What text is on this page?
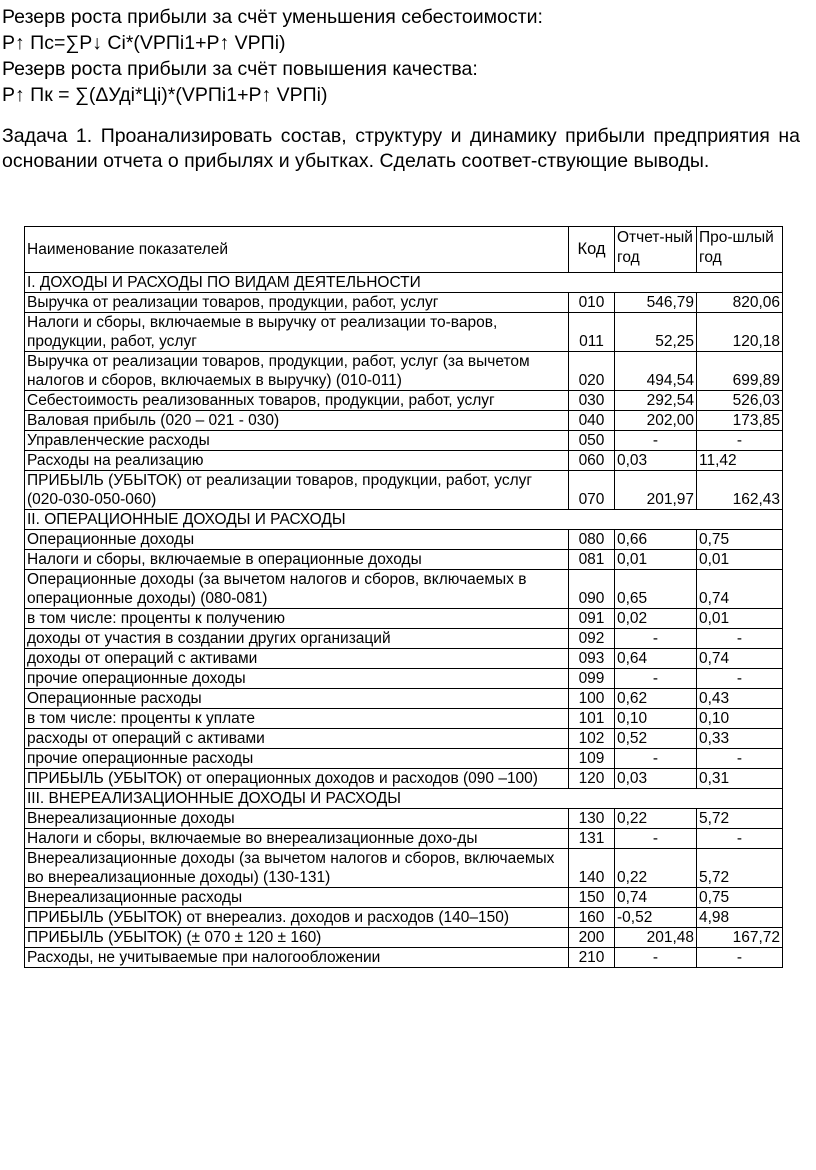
Резерв роста прибыли за счёт уменьшения себестоимости:
Р↑ Пс=∑Р↓ Сi*(VРПi1+Р↑ VРПi)
Резерв роста прибыли за счёт повышения качества:
Р↑ Пк = ∑(ΔУдi*Цi)*(VРПi1+Р↑ VРПi)
Задача 1. Проанализировать состав, структуру и динамику прибыли предприятия на основании отчета о прибылях и убытках. Сделать соответ-ствующие выводы.
Наименование показателей	Код	Отчет-ный год	Про-шлый год
I. ДОХОДЫ И РАСХОДЫ ПО ВИДАМ ДЕЯТЕЛЬНОСТИ			
Выручка от реализации товаров, продукции, работ, услуг	010	546,79	820,06
Налоги и сборы, включаемые в выручку от реализации то-варов, продукции, работ, услуг	011	52,25	120,18
Выручка от реализации товаров, продукции, работ, услуг (за вычетом налогов и сборов, включаемых в выручку) (010-011)	020	494,54	699,89
Себестоимость реализованных товаров, продукции, работ, услуг	030	292,54	526,03
Валовая прибыль (020 – 021 - 030)	040	202,00	173,85
Управленческие расходы	050	-	-
Расходы на реализацию	060	0,03	11,42
ПРИБЫЛЬ (УБЫТОК) от реализации товаров, продукции, работ, услуг (020-030-050-060)	070	201,97	162,43
II. ОПЕРАЦИОННЫЕ ДОХОДЫ И РАСХОДЫ			
Операционные доходы	080	0,66	0,75
Налоги и сборы, включаемые в операционные доходы	081	0,01	0,01
Операционные доходы (за вычетом налогов и сборов, включаемых в операционные доходы) (080-081)	090	0,65	0,74
в том числе: проценты к получению	091	0,02	0,01
доходы от участия в создании других организаций	092	-	-
доходы от операций с активами	093	0,64	0,74
прочие операционные доходы	099	-	-
Операционные расходы	100	0,62	0,43
в том числе: проценты к уплате	101	0,10	0,10
расходы от операций с активами	102	0,52	0,33
прочие операционные расходы	109	-	-
ПРИБЫЛЬ (УБЫТОК) от операционных доходов и расходов (090 –100)	120	0,03	0,31
III. ВНЕРЕАЛИЗАЦИОННЫЕ ДОХОДЫ И РАСХОДЫ			
Внереализационные доходы	130	0,22	5,72
Налоги и сборы, включаемые во внереализационные дохо-ды	131	-	-
Внереализационные доходы (за вычетом налогов и сборов, включаемых во внереализационные доходы) (130-131)	140	0,22	5,72
Внереализационные расходы	150	0,74	0,75
ПРИБЫЛЬ (УБЫТОК) от внереализ. доходов и расходов (140–150)	160	-0,52	4,98
ПРИБЫЛЬ (УБЫТОК) (± 070 ± 120 ± 160)	200	201,48	167,72
Расходы, не учитываемые при налогообложении	210	-	-
